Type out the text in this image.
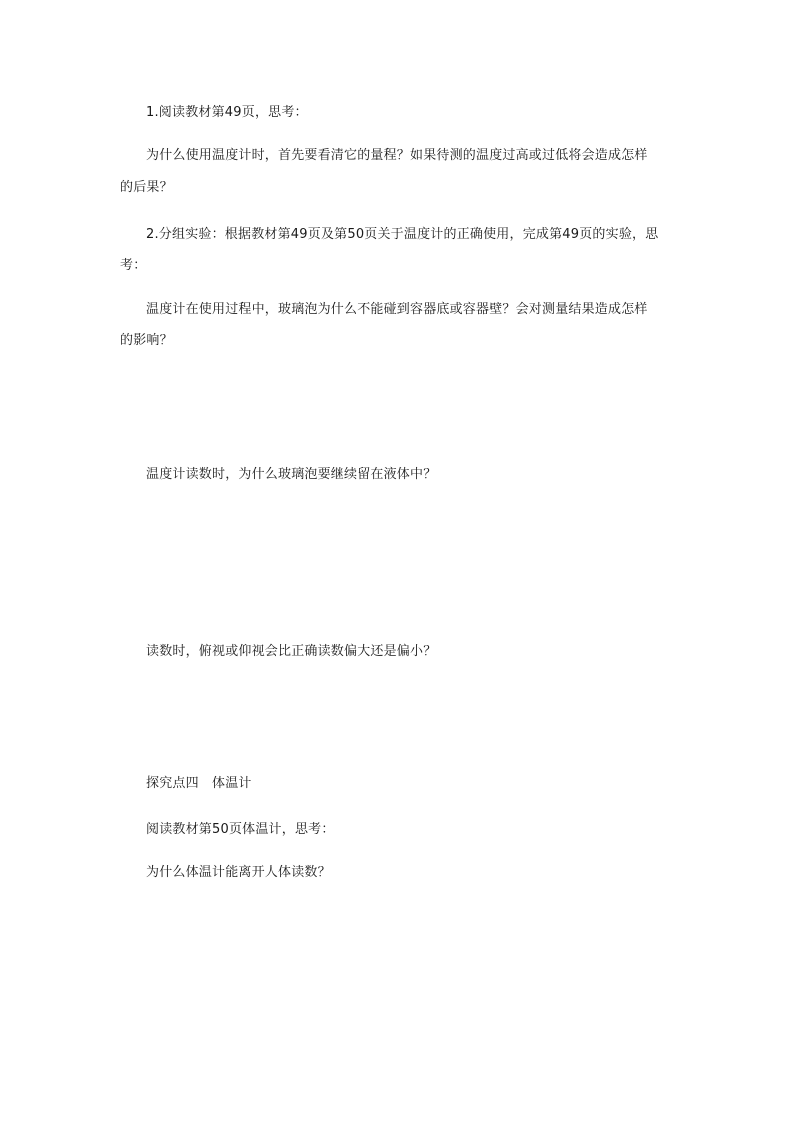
1.阅读教材第49页，思考：
为什么使用温度计时，首先要看清它的量程？如果待测的温度过高或过低将会造成怎样
的后果？
2.分组实验：根据教材第49页及第50页关于温度计的正确使用，完成第49页的实验，思
考：
温度计在使用过程中，玻璃泡为什么不能碰到容器底或容器壁？会对测量结果造成怎样
的影响？
温度计读数时，为什么玻璃泡要继续留在液体中？
读数时，俯视或仰视会比正确读数偏大还是偏小？
探究点四　体温计
阅读教材第50页体温计，思考：
为什么体温计能离开人体读数？
